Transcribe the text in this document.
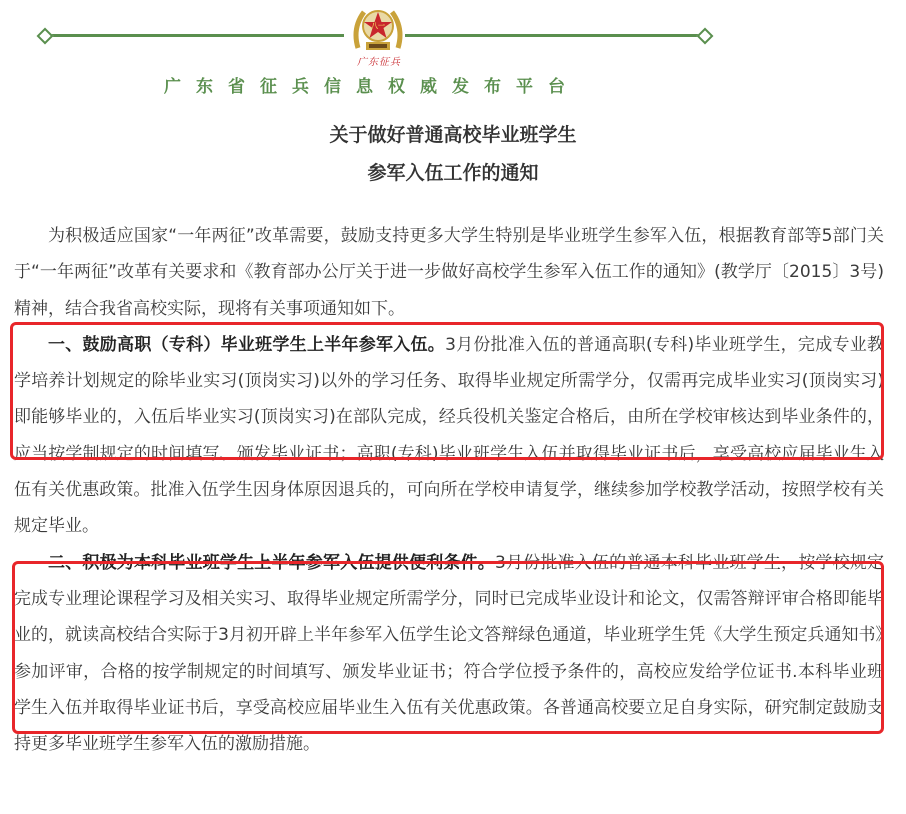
八一
广东征兵
广东省征兵信息权威发布平台
关于做好普通高校毕业班学生
参军入伍工作的通知

为积极适应国家“一年两征”改革需要，鼓励支持更多大学生特别是毕业班学生参军入伍，根据教育部等5部门关于“一年两征”改革有关要求和《教育部办公厅关于进一步做好高校学生参军入伍工作的通知》(教学厅〔2015〕3号)精神，结合我省高校实际，现将有关事项通知如下。

一、鼓励高职（专科）毕业班学生上半年参军入伍。3月份批准入伍的普通高职(专科)毕业班学生，完成专业教学培养计划规定的除毕业实习(顶岗实习)以外的学习任务、取得毕业规定所需学分，仅需再完成毕业实习(顶岗实习)即能够毕业的，入伍后毕业实习(顶岗实习)在部队完成，经兵役机关鉴定合格后，由所在学校审核达到毕业条件的，应当按学制规定的时间填写、颁发毕业证书；高职(专科)毕业班学生入伍并取得毕业证书后，享受高校应届毕业生入伍有关优惠政策。批准入伍学生因身体原因退兵的，可向所在学校申请复学，继续参加学校教学活动，按照学校有关规定毕业。

二、积极为本科毕业班学生上半年参军入伍提供便利条件。3月份批准入伍的普通本科毕业班学生，按学校规定完成专业理论课程学习及相关实习、取得毕业规定所需学分，同时已完成毕业设计和论文，仅需答辩评审合格即能毕业的，就读高校结合实际于3月初开辟上半年参军入伍学生论文答辩绿色通道，毕业班学生凭《大学生预定兵通知书》参加评审，合格的按学制规定的时间填写、颁发毕业证书；符合学位授予条件的，高校应发给学位证书.本科毕业班学生入伍并取得毕业证书后，享受高校应届毕业生入伍有关优惠政策。各普通高校要立足自身实际，研究制定鼓励支持更多毕业班学生参军入伍的激励措施。
